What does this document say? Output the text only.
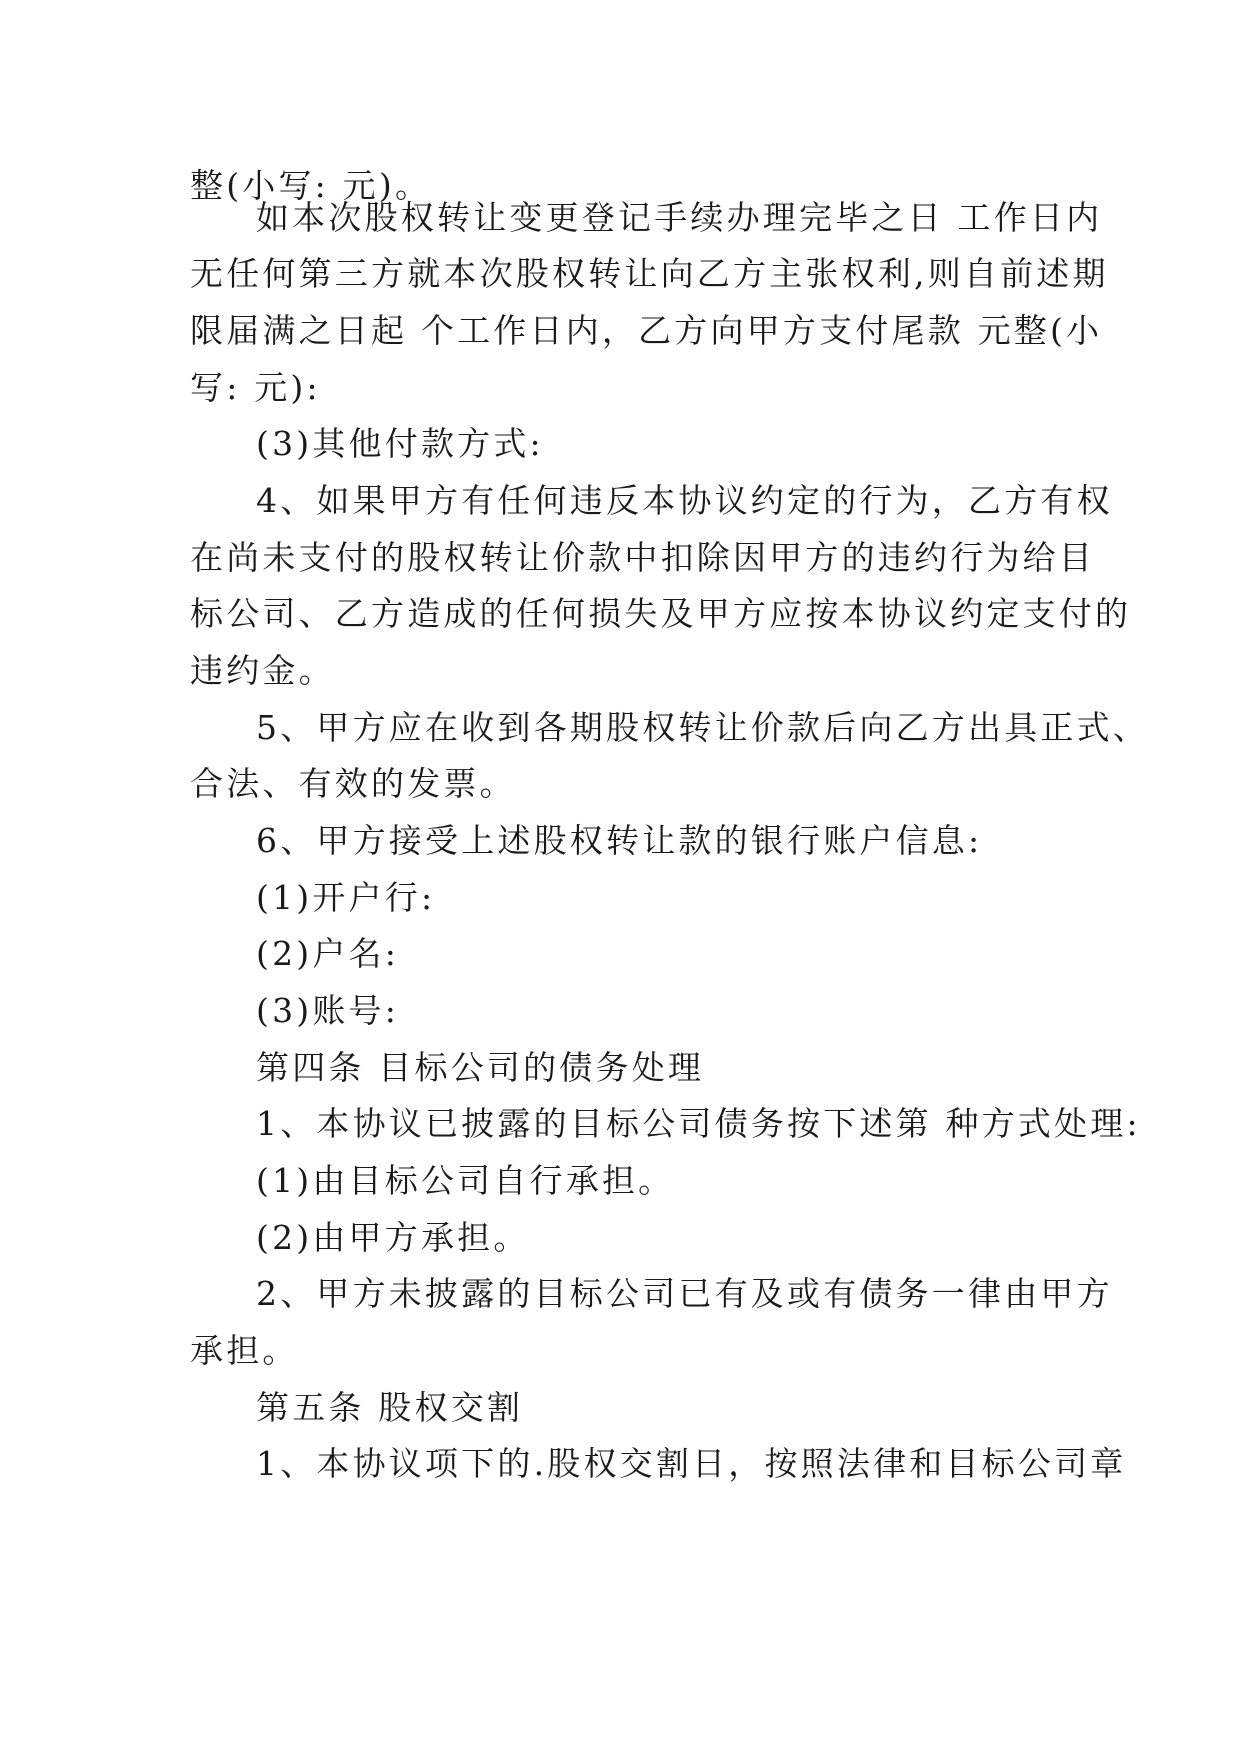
整(小写: 元)。
如本次股权转让变更登记手续办理完毕之日 工作日内
无任何第三方就本次股权转让向乙方主张权利,则自前述期
限届满之日起 个工作日内，乙方向甲方支付尾款 元整(小
写: 元):
(3)其他付款方式:
4、如果甲方有任何违反本协议约定的行为，乙方有权
在尚未支付的股权转让价款中扣除因甲方的违约行为给目
标公司、乙方造成的任何损失及甲方应按本协议约定支付的
违约金。
5、甲方应在收到各期股权转让价款后向乙方出具正式、
合法、有效的发票。
6、甲方接受上述股权转让款的银行账户信息:
(1)开户行:
(2)户名:
(3)账号:
第四条 目标公司的债务处理
1、本协议已披露的目标公司债务按下述第 种方式处理:
(1)由目标公司自行承担。
(2)由甲方承担。
2、甲方未披露的目标公司已有及或有债务一律由甲方
承担。
第五条 股权交割
1、本协议项下的.股权交割日，按照法律和目标公司章
